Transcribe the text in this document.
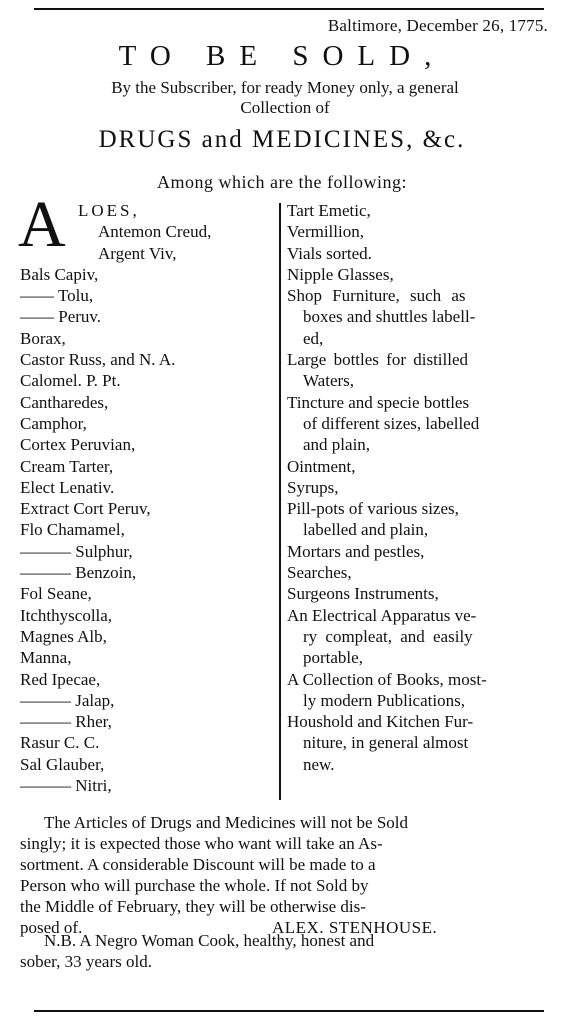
Baltimore, December 26, 1775.
TO BE SOLD,
By the Subscriber, for ready Money only, a general
Collection of
DRUGS and MEDICINES, &c.
Among which are the following:
A LOES,
Antemon Creud,
Argent Viv,
Bals Capiv,
—— Tolu,
—— Peruv.
Borax,
Castor Russ, and N. A.
Calomel. P. Pt.
Cantharedes,
Camphor,
Cortex Peruvian,
Cream Tarter,
Elect Lenativ.
Extract Cort Peruv,
Flo Chamamel,
——— Sulphur,
——— Benzoin,
Fol Seane,
Itchthyscolla,
Magnes Alb,
Manna,
Red Ipecae,
——— Jalap,
——— Rher,
Rasur C. C.
Sal Glauber,
——— Nitri,
Tart Emetic,
Vermillion,
Vials sorted.
Nipple Glasses,
Shop Furniture, such as
boxes and shuttles labell-
ed,
Large bottles for distilled
Waters,
Tincture and specie bottles
of different sizes, labelled
and plain,
Ointment,
Syrups,
Pill-pots of various sizes,
labelled and plain,
Mortars and pestles,
Searches,
Surgeons Instruments,
An Electrical Apparatus ve-
ry compleat, and easily
portable,
A Collection of Books, most-
ly modern Publications,
Houshold and Kitchen Fur-
niture, in general almost
new.
The Articles of Drugs and Medicines will not be Sold
singly; it is expected those who want will take an As-
sortment. A considerable Discount will be made to a
Person who will purchase the whole. If not Sold by
the Middle of February, they will be otherwise dis-
posed of.	ALEX. STENHOUSE.
N.B. A Negro Woman Cook, healthy, honest and
sober, 33 years old.
